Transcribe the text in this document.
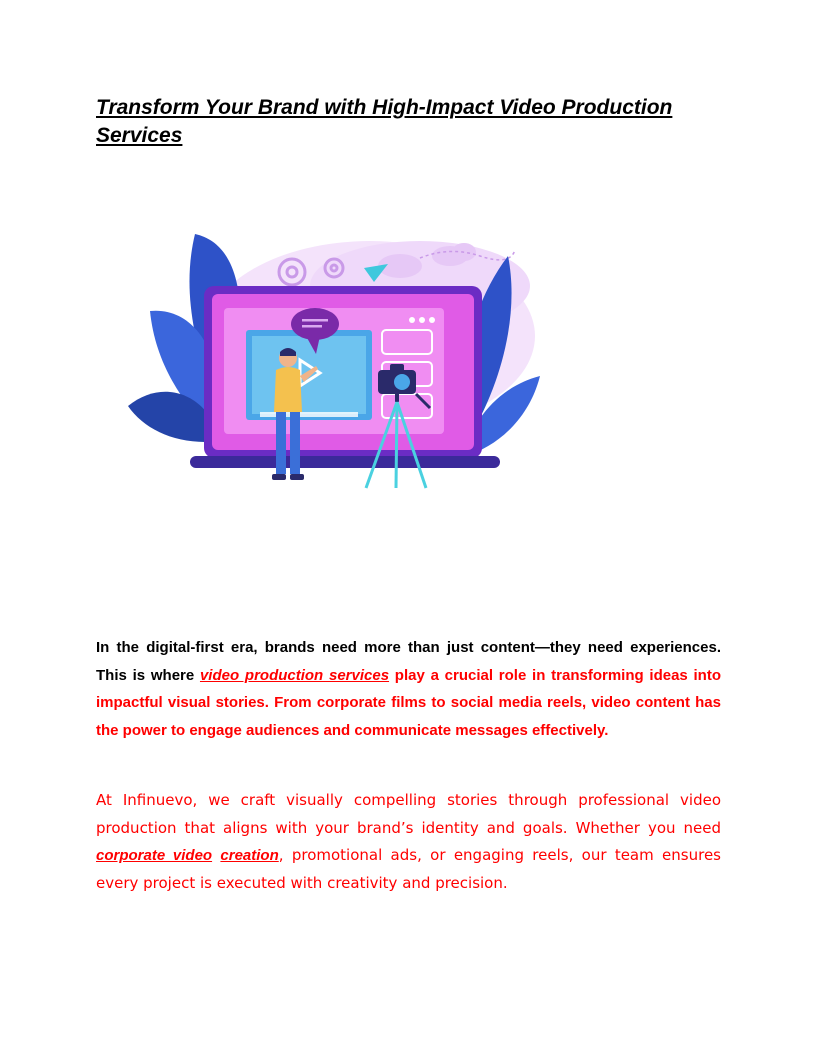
Transform Your Brand with High-Impact Video Production Services

In the digital-first era, brands need more than just content—they need experiences. This is where video production services play a crucial role in transforming ideas into impactful visual stories. From corporate films to social media reels, video content has the power to engage audiences and communicate messages effectively.

At Infinuevo, we craft visually compelling stories through professional video production that aligns with your brand’s identity and goals. Whether you need corporate video creation, promotional ads, or engaging reels, our team ensures every project is executed with creativity and precision.
